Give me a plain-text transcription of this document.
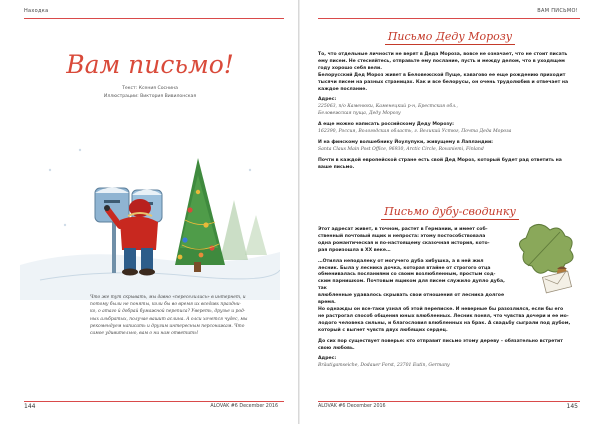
Находка
Вам письмо!
Текст: Ксения Соснина
Иллюстрации: Виктория Вивилонская
Что же тут скрывать, мы давно «переселились» в интернет, и
потому были не поняты, коли бы во время их вседавх праздни-
ко, о атаго й добрай бумажной переписа? Увереть, друзье и род-
ных альбратых, получае вашит аслина. А олси хочется чудес, мы
рекомендуем написать и другим интересным персонажам. Что
самое удивительно, вам о ни нам ответить!
144	ALOVAK #6 December 2016
ВАМ ПИСЬМО!
Письмо Деду Морозу

То, что отдельные личности не верят в Деда Мороза, вовсе не означает, что не стоит писать

ему писем. Не стесняйтесь, отправьте ему послание, пусть и между делом, что в уходящем

году хорошо себя вели.

Белорусский Дед Мороз живет в Беловежской Пуще, кавагово ее еще рождению приходит

тысячи писем на разных страницах. Как и все белорусы, он очень трудолюбив и отвечает на

каждое послание.

Адрес:

225063, п/о Каменюки, Каменецкий р-н, Брестская обл.,

Беловежская пуща, Деду Морозу

А еще можно написать российскому Деду Морозу:

162390, Россия, Вологодская область, г. Великий Устюг, Почта Деда Мороза

И на финскому волшебнику Йоулупуки, живущему в Лапландии:

Santa Claus Main Post Office, 96930, Arctic Circle, Rovaniemi, Finland

Почти в каждой европейской стране есть свой Дед Мороз, который будет рад ответить на

ваше письмо.

Письмо дубу-сводинку

Этот адресат живет, в точном, растет в Германии, и имеет соб-

ственный почтовый ящик и непроста: этому постособствовала

одна романтическая и по-настоящему сказочная история, кото-

рая произошла в XX веке…

…Отилла неподалеку от могучего дуба хибушка, а в ней жил

лесник. Была у лесника дочка, которая втайне от строгого отца

обменивалась посланиями со своим возлюбленным, простым сод-

ским парнишком. Почтовым ящиком для писем служило дупло дуба, так

влюбленные удавалось скрывать свои отношения от лесника долгое время.

Но однажды он все-таки узнал об этой переписке. И неверные бы разозлился, если бы его

не растрогал способ общения юных влюбленных. Лесник понял, что чувства дочери и ее мо-

лодого человека сильны, и благословил влюбленных на брак. А свадьбу сыграли под дубом,

который с выгнет чувств двух любящих сердец.

До сих пор существует поверье: кто отправит письмо этому дереву – обязательно встретит

свою любовь.

Адрес:

Bräutigamseiche, Dodauer Forst, 23701 Eutin, Germany

ALOVAK #6 December 2016	145
